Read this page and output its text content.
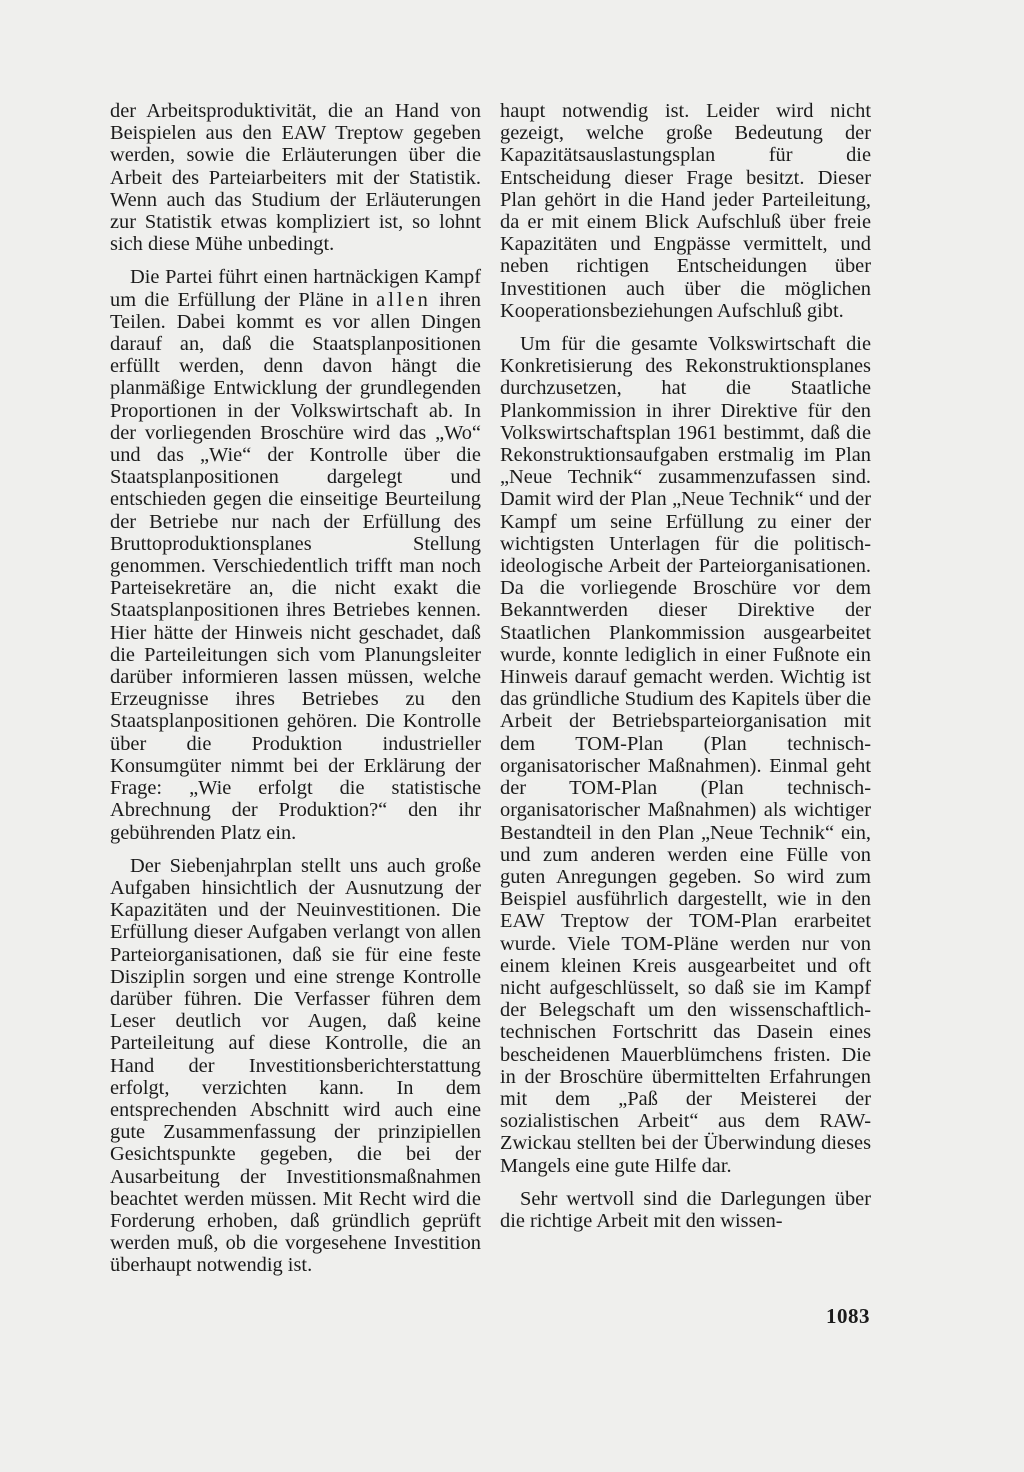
der Arbeitsproduktivität, die an Hand von Beispielen aus den EAW Treptow gegeben werden, sowie die Erläuterungen über die Arbeit des Parteiarbeiters mit der Statistik. Wenn auch das Studium der Erläuterungen zur Statistik etwas kompliziert ist, so lohnt sich diese Mühe unbedingt.

Die Partei führt einen hartnäckigen Kampf um die Erfüllung der Pläne in allen ihren Teilen. Dabei kommt es vor allen Dingen darauf an, daß die Staatsplanpositionen erfüllt werden, denn davon hängt die planmäßige Entwicklung der grundlegenden Proportionen in der Volkswirtschaft ab. In der vorliegenden Broschüre wird das „Wo“ und das „Wie“ der Kontrolle über die Staatsplanpositionen dargelegt und entschieden gegen die einseitige Beurteilung der Betriebe nur nach der Erfüllung des Bruttoproduktionsplanes Stellung genommen. Verschiedentlich trifft man noch Parteisekretäre an, die nicht exakt die Staatsplanpositionen ihres Betriebes kennen. Hier hätte der Hinweis nicht geschadet, daß die Parteileitungen sich vom Planungsleiter darüber informieren lassen müssen, welche Erzeugnisse ihres Betriebes zu den Staatsplanpositionen gehören. Die Kontrolle über die Produktion industrieller Konsumgüter nimmt bei der Erklärung der Frage: „Wie erfolgt die statistische Abrechnung der Produktion?“ den ihr gebührenden Platz ein.

Der Siebenjahrplan stellt uns auch große Aufgaben hinsichtlich der Ausnutzung der Kapazitäten und der Neuinvestitionen. Die Erfüllung dieser Aufgaben verlangt von allen Parteiorganisationen, daß sie für eine feste Disziplin sorgen und eine strenge Kontrolle darüber führen. Die Verfasser führen dem Leser deutlich vor Augen, daß keine Parteileitung auf diese Kontrolle, die an Hand der Investitionsberichterstattung erfolgt, verzichten kann. In dem entsprechenden Abschnitt wird auch eine gute Zusammenfassung der prinzipiellen Gesichtspunkte gegeben, die bei der Ausarbeitung der Investitionsmaßnahmen beachtet werden müssen. Mit Recht wird die Forderung erhoben, daß gründlich geprüft werden muß, ob die vorgesehene Investition überhaupt notwendig ist.

haupt notwendig ist. Leider wird nicht gezeigt, welche große Bedeutung der Kapazitätsauslastungsplan für die Entscheidung dieser Frage besitzt. Dieser Plan gehört in die Hand jeder Parteileitung, da er mit einem Blick Aufschluß über freie Kapazitäten und Engpässe vermittelt, und neben richtigen Entscheidungen über Investitionen auch über die möglichen Kooperationsbeziehungen Aufschluß gibt.

Um für die gesamte Volkswirtschaft die Konkretisierung des Rekonstruktionsplanes durchzusetzen, hat die Staatliche Plankommission in ihrer Direktive für den Volkswirtschaftsplan 1961 bestimmt, daß die Rekonstruktionsaufgaben erstmalig im Plan „Neue Technik“ zusammenzufassen sind. Damit wird der Plan „Neue Technik“ und der Kampf um seine Erfüllung zu einer der wichtigsten Unterlagen für die politisch-ideologische Arbeit der Parteiorganisationen. Da die vorliegende Broschüre vor dem Bekanntwerden dieser Direktive der Staatlichen Plankommission ausgearbeitet wurde, konnte lediglich in einer Fußnote ein Hinweis darauf gemacht werden. Wichtig ist das gründliche Studium des Kapitels über die Arbeit der Betriebsparteiorganisation mit dem TOM-Plan (Plan technisch-organisatorischer Maßnahmen). Einmal geht der TOM-Plan (Plan technisch-organisatorischer Maßnahmen) als wichtiger Bestandteil in den Plan „Neue Technik“ ein, und zum anderen werden eine Fülle von guten Anregungen gegeben. So wird zum Beispiel ausführlich dargestellt, wie in den EAW Treptow der TOM-Plan erarbeitet wurde. Viele TOM-Pläne werden nur von einem kleinen Kreis ausgearbeitet und oft nicht aufgeschlüsselt, so daß sie im Kampf der Belegschaft um den wissenschaftlich-technischen Fortschritt das Dasein eines bescheidenen Mauerblümchens fristen. Die in der Broschüre übermittelten Erfahrungen mit dem „Paß der Meisterei der sozialistischen Arbeit“ aus dem RAW-Zwickau stellten bei der Überwindung dieses Mangels eine gute Hilfe dar.

Sehr wertvoll sind die Darlegungen über die richtige Arbeit mit den wissen-

1083
